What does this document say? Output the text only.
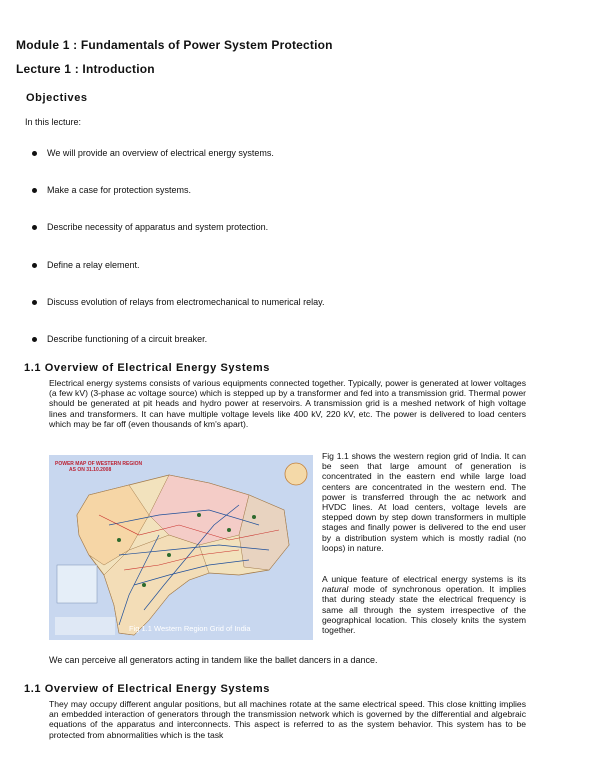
Module 1 : Fundamentals of Power System Protection
Lecture 1 : Introduction
Objectives
In this lecture:
We will provide an overview of electrical energy systems.
Make a case for protection systems.
Describe necessity of apparatus and system protection.
Define a relay element.
Discuss evolution of relays from electromechanical to numerical relay.
Describe functioning of a circuit breaker.
1.1 Overview of Electrical Energy Systems

Electrical energy systems consists of various equipments connected together. Typically, power is generated at lower voltages (a few kV) (3-phase ac voltage source) which is stepped up by a transformer and fed into a transmission grid. Thermal power should be generated at pit heads and hydro power at reservoirs. A transmission grid is a meshed network of high voltage lines and transformers. It can have multiple voltage levels like 400 kV, 220 kV, etc. The power is delivered to load centers which may be far off (even thousands of km's apart).

POWER MAP OF WESTERN REGION
AS ON 31.10.2008
Fig 1.1 Western Region Grid of India

Fig 1.1 shows the western region grid of India. It can be seen that large amount of generation is concentrated in the eastern end while large load centers are concentrated in the western end. The power is transferred through the ac network and HVDC lines. At load centers, voltage levels are stepped down by step down transformers in multiple stages and finally power is delivered to the end user by a distribution system which is mostly radial (no loops) in nature.

A unique feature of electrical energy systems is its natural mode of synchronous operation. It implies that during steady state the electrical frequency is same all through the system irrespective of the geographical location. This closely knits the system together.

We can perceive all generators acting in tandem like the ballet dancers in a dance.
1.1 Overview of Electrical Energy Systems

They may occupy different angular positions, but all machines rotate at the same electrical speed. This close knitting implies an embedded interaction of generators through the transmission network which is governed by the differential and algebraic equations of the apparatus and interconnects. This aspect is referred to as the system behavior. This system has to be protected from abnormalities which is the task
